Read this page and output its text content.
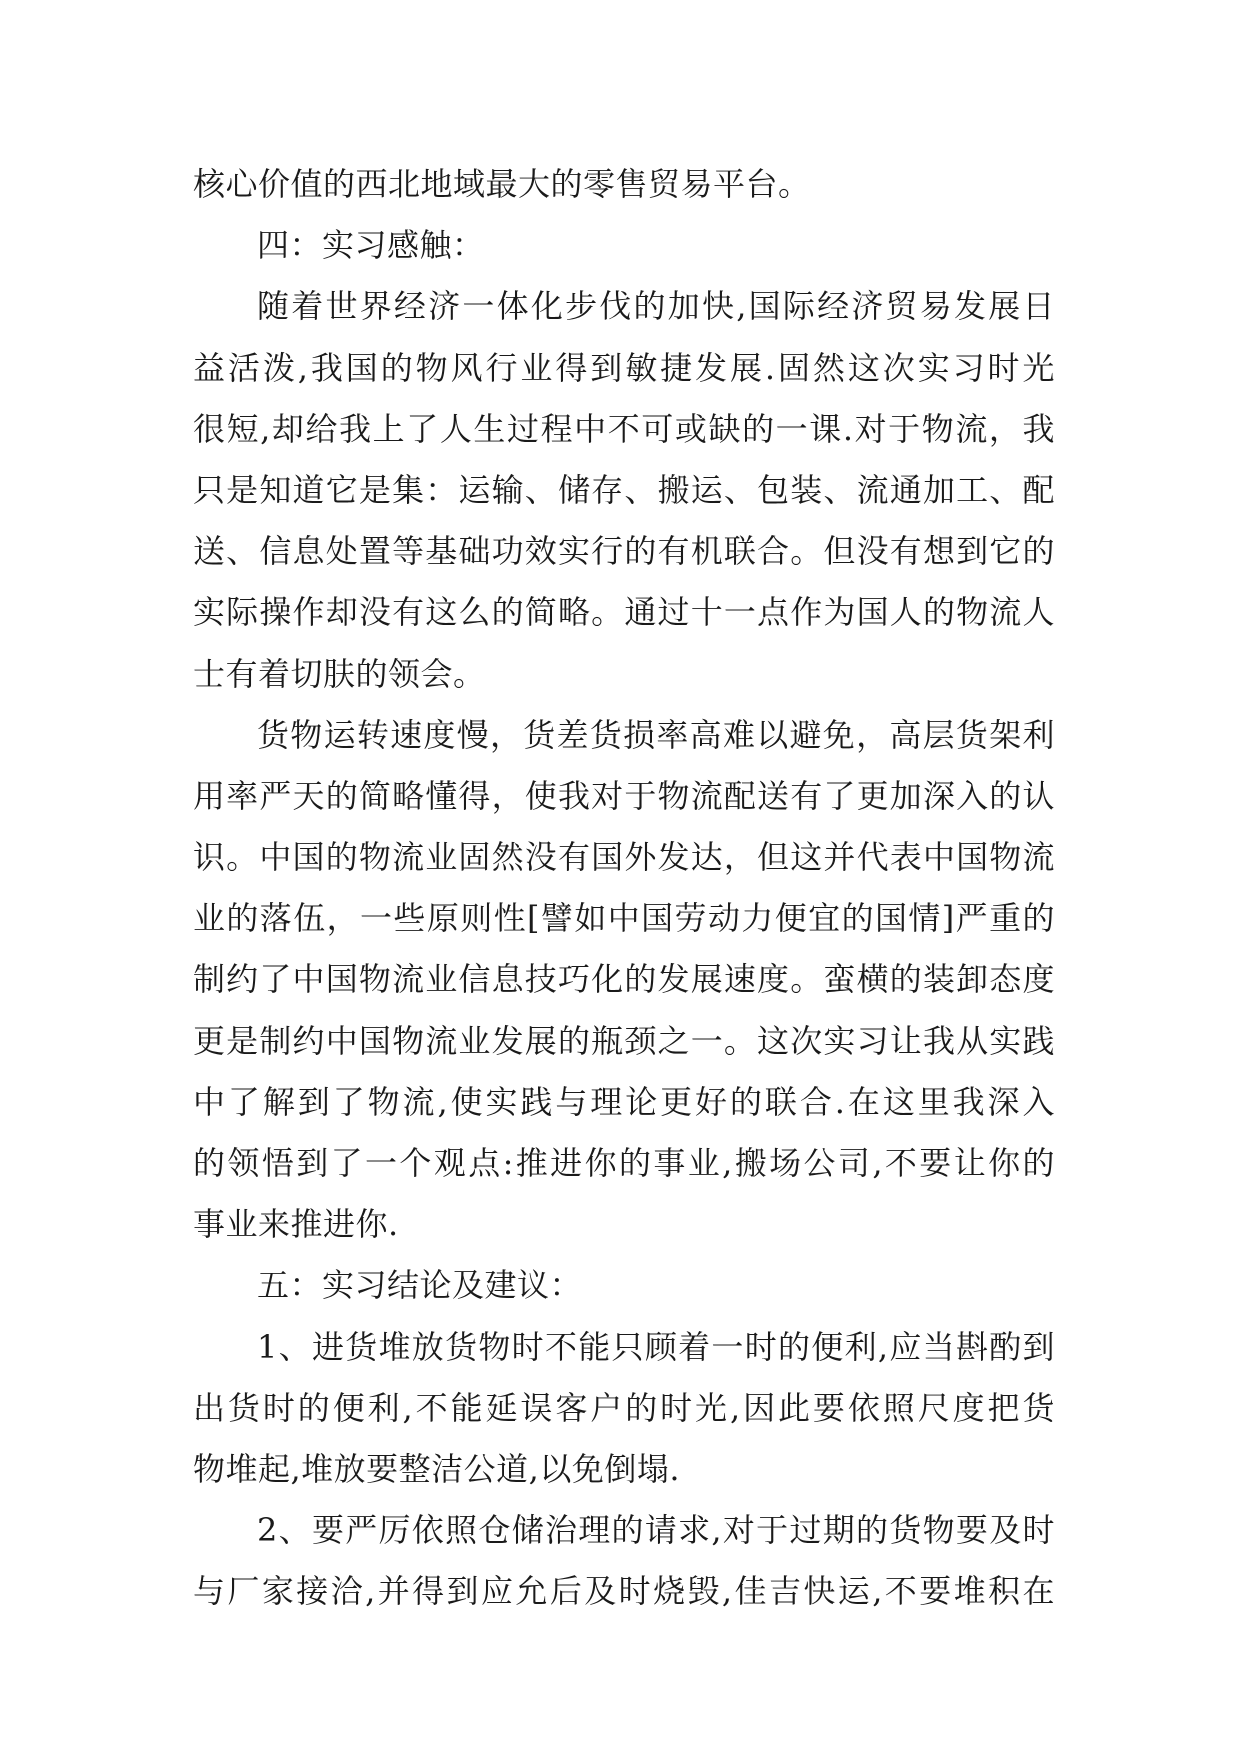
核心价值的西北地域最大的零售贸易平台。
四：实习感触：
随着世界经济一体化步伐的加快,国际经济贸易发展日
益活泼,我国的物风行业得到敏捷发展.固然这次实习时光
很短,却给我上了人生过程中不可或缺的一课.对于物流，我
只是知道它是集：运输、储存、搬运、包装、流通加工、配
送、信息处置等基础功效实行的有机联合。但没有想到它的
实际操作却没有这么的简略。通过十一点作为国人的物流人
士有着切肤的领会。
货物运转速度慢，货差货损率高难以避免，高层货架利
用率严天的简略懂得，使我对于物流配送有了更加深入的认
识。中国的物流业固然没有国外发达，但这并代表中国物流
业的落伍，一些原则性[譬如中国劳动力便宜的国情]严重的
制约了中国物流业信息技巧化的发展速度。蛮横的装卸态度
更是制约中国物流业发展的瓶颈之一。这次实习让我从实践
中了解到了物流,使实践与理论更好的联合.在这里我深入
的领悟到了一个观点:推进你的事业,搬场公司,不要让你的
事业来推进你.
五：实习结论及建议：
1、进货堆放货物时不能只顾着一时的便利,应当斟酌到
出货时的便利,不能延误客户的时光,因此要依照尺度把货
物堆起,堆放要整洁公道,以免倒塌.
2、要严厉依照仓储治理的请求,对于过期的货物要及时
与厂家接洽,并得到应允后及时烧毁,佳吉快运,不要堆积在
